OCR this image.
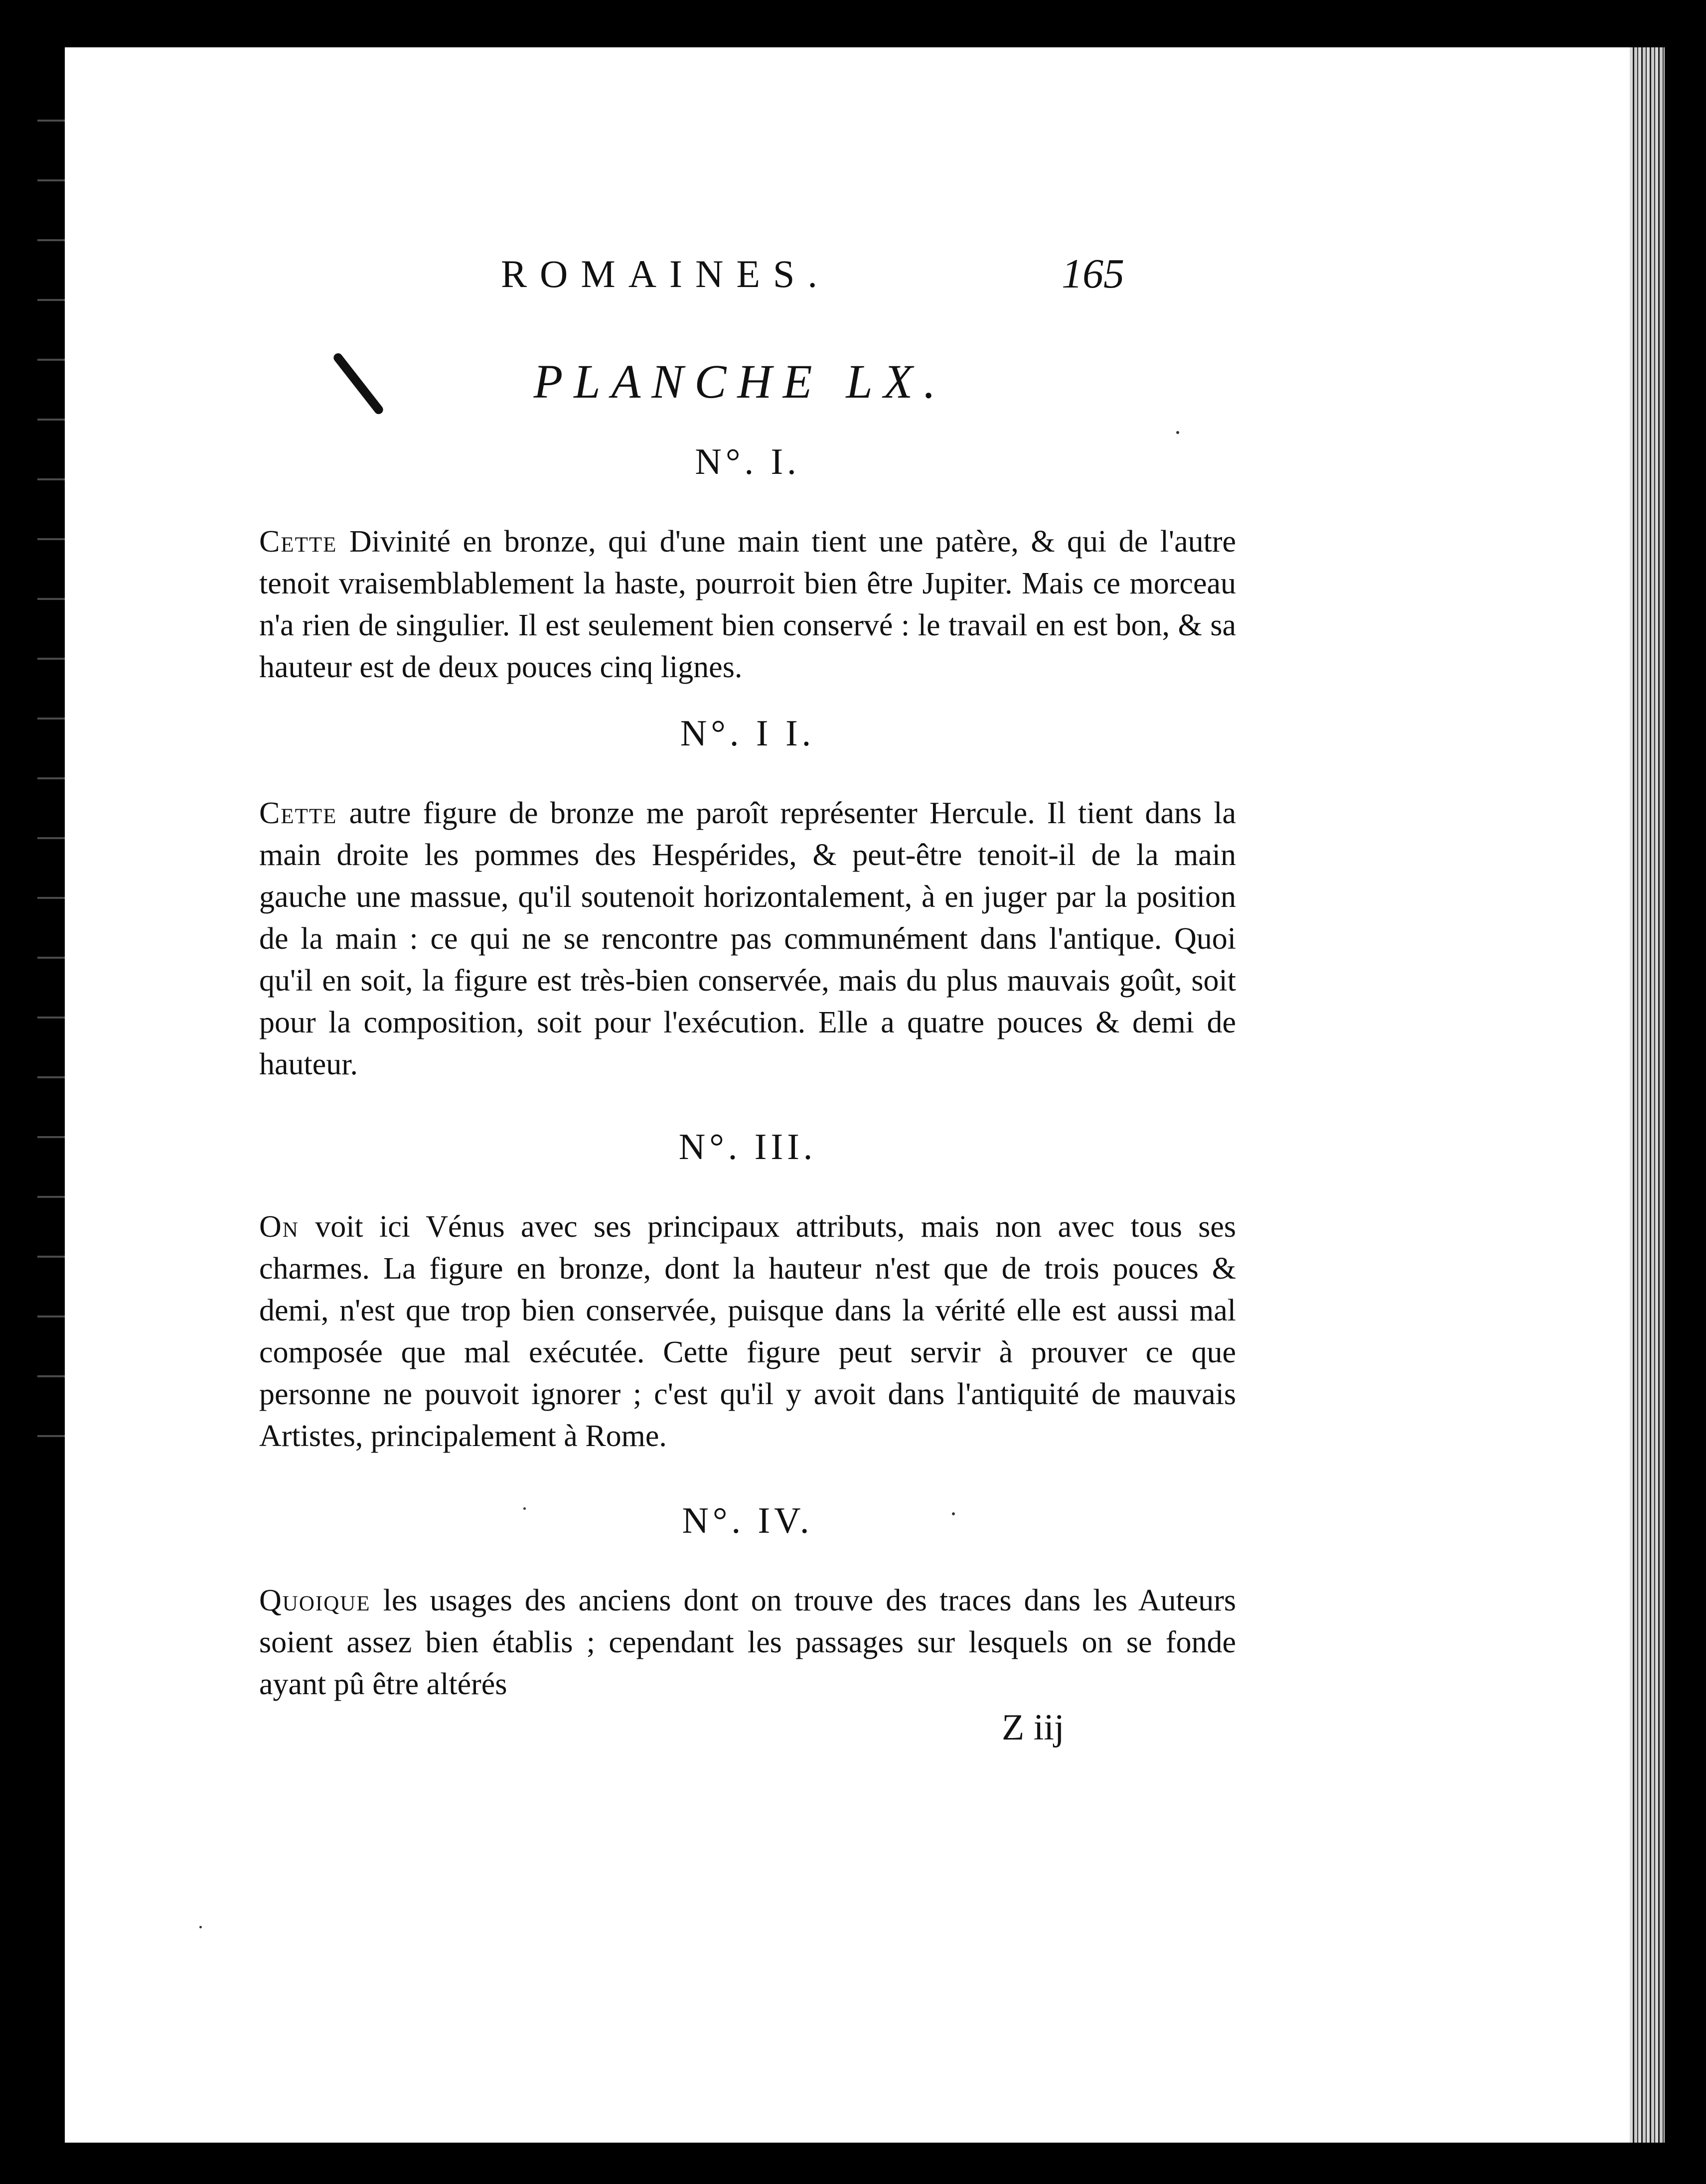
ROMAINES.	165
PLANCHE LX.
N°. I.

Cette Divinité en bronze, qui d'une main tient une patère, & qui de l'autre tenoit vraisemblablement la haste, pourroit bien être Jupiter. Mais ce morceau n'a rien de singulier. Il est seulement bien conservé : le travail en est bon, & sa hauteur est de deux pouces cinq lignes.

N°. I I.

Cette autre figure de bronze me paroît représenter Hercule. Il tient dans la main droite les pommes des Hespérides, & peut-être tenoit-il de la main gauche une massue, qu'il soutenoit horizontalement, à en juger par la position de la main : ce qui ne se rencontre pas communément dans l'antique. Quoi qu'il en soit, la figure est très-bien conservée, mais du plus mauvais goût, soit pour la composition, soit pour l'exécution. Elle a quatre pouces & demi de hauteur.

N°. III.

On voit ici Vénus avec ses principaux attributs, mais non avec tous ses charmes. La figure en bronze, dont la hauteur n'est que de trois pouces & demi, n'est que trop bien conservée, puisque dans la vérité elle est aussi mal composée que mal exécutée. Cette figure peut servir à prouver ce que personne ne pouvoit ignorer ; c'est qu'il y avoit dans l'antiquité de mauvais Artistes, principalement à Rome.

N°. IV.

Quoique les usages des anciens dont on trouve des traces dans les Auteurs soient assez bien établis ; cependant les passages sur lesquels on se fonde ayant pû être altérés

Z iij
